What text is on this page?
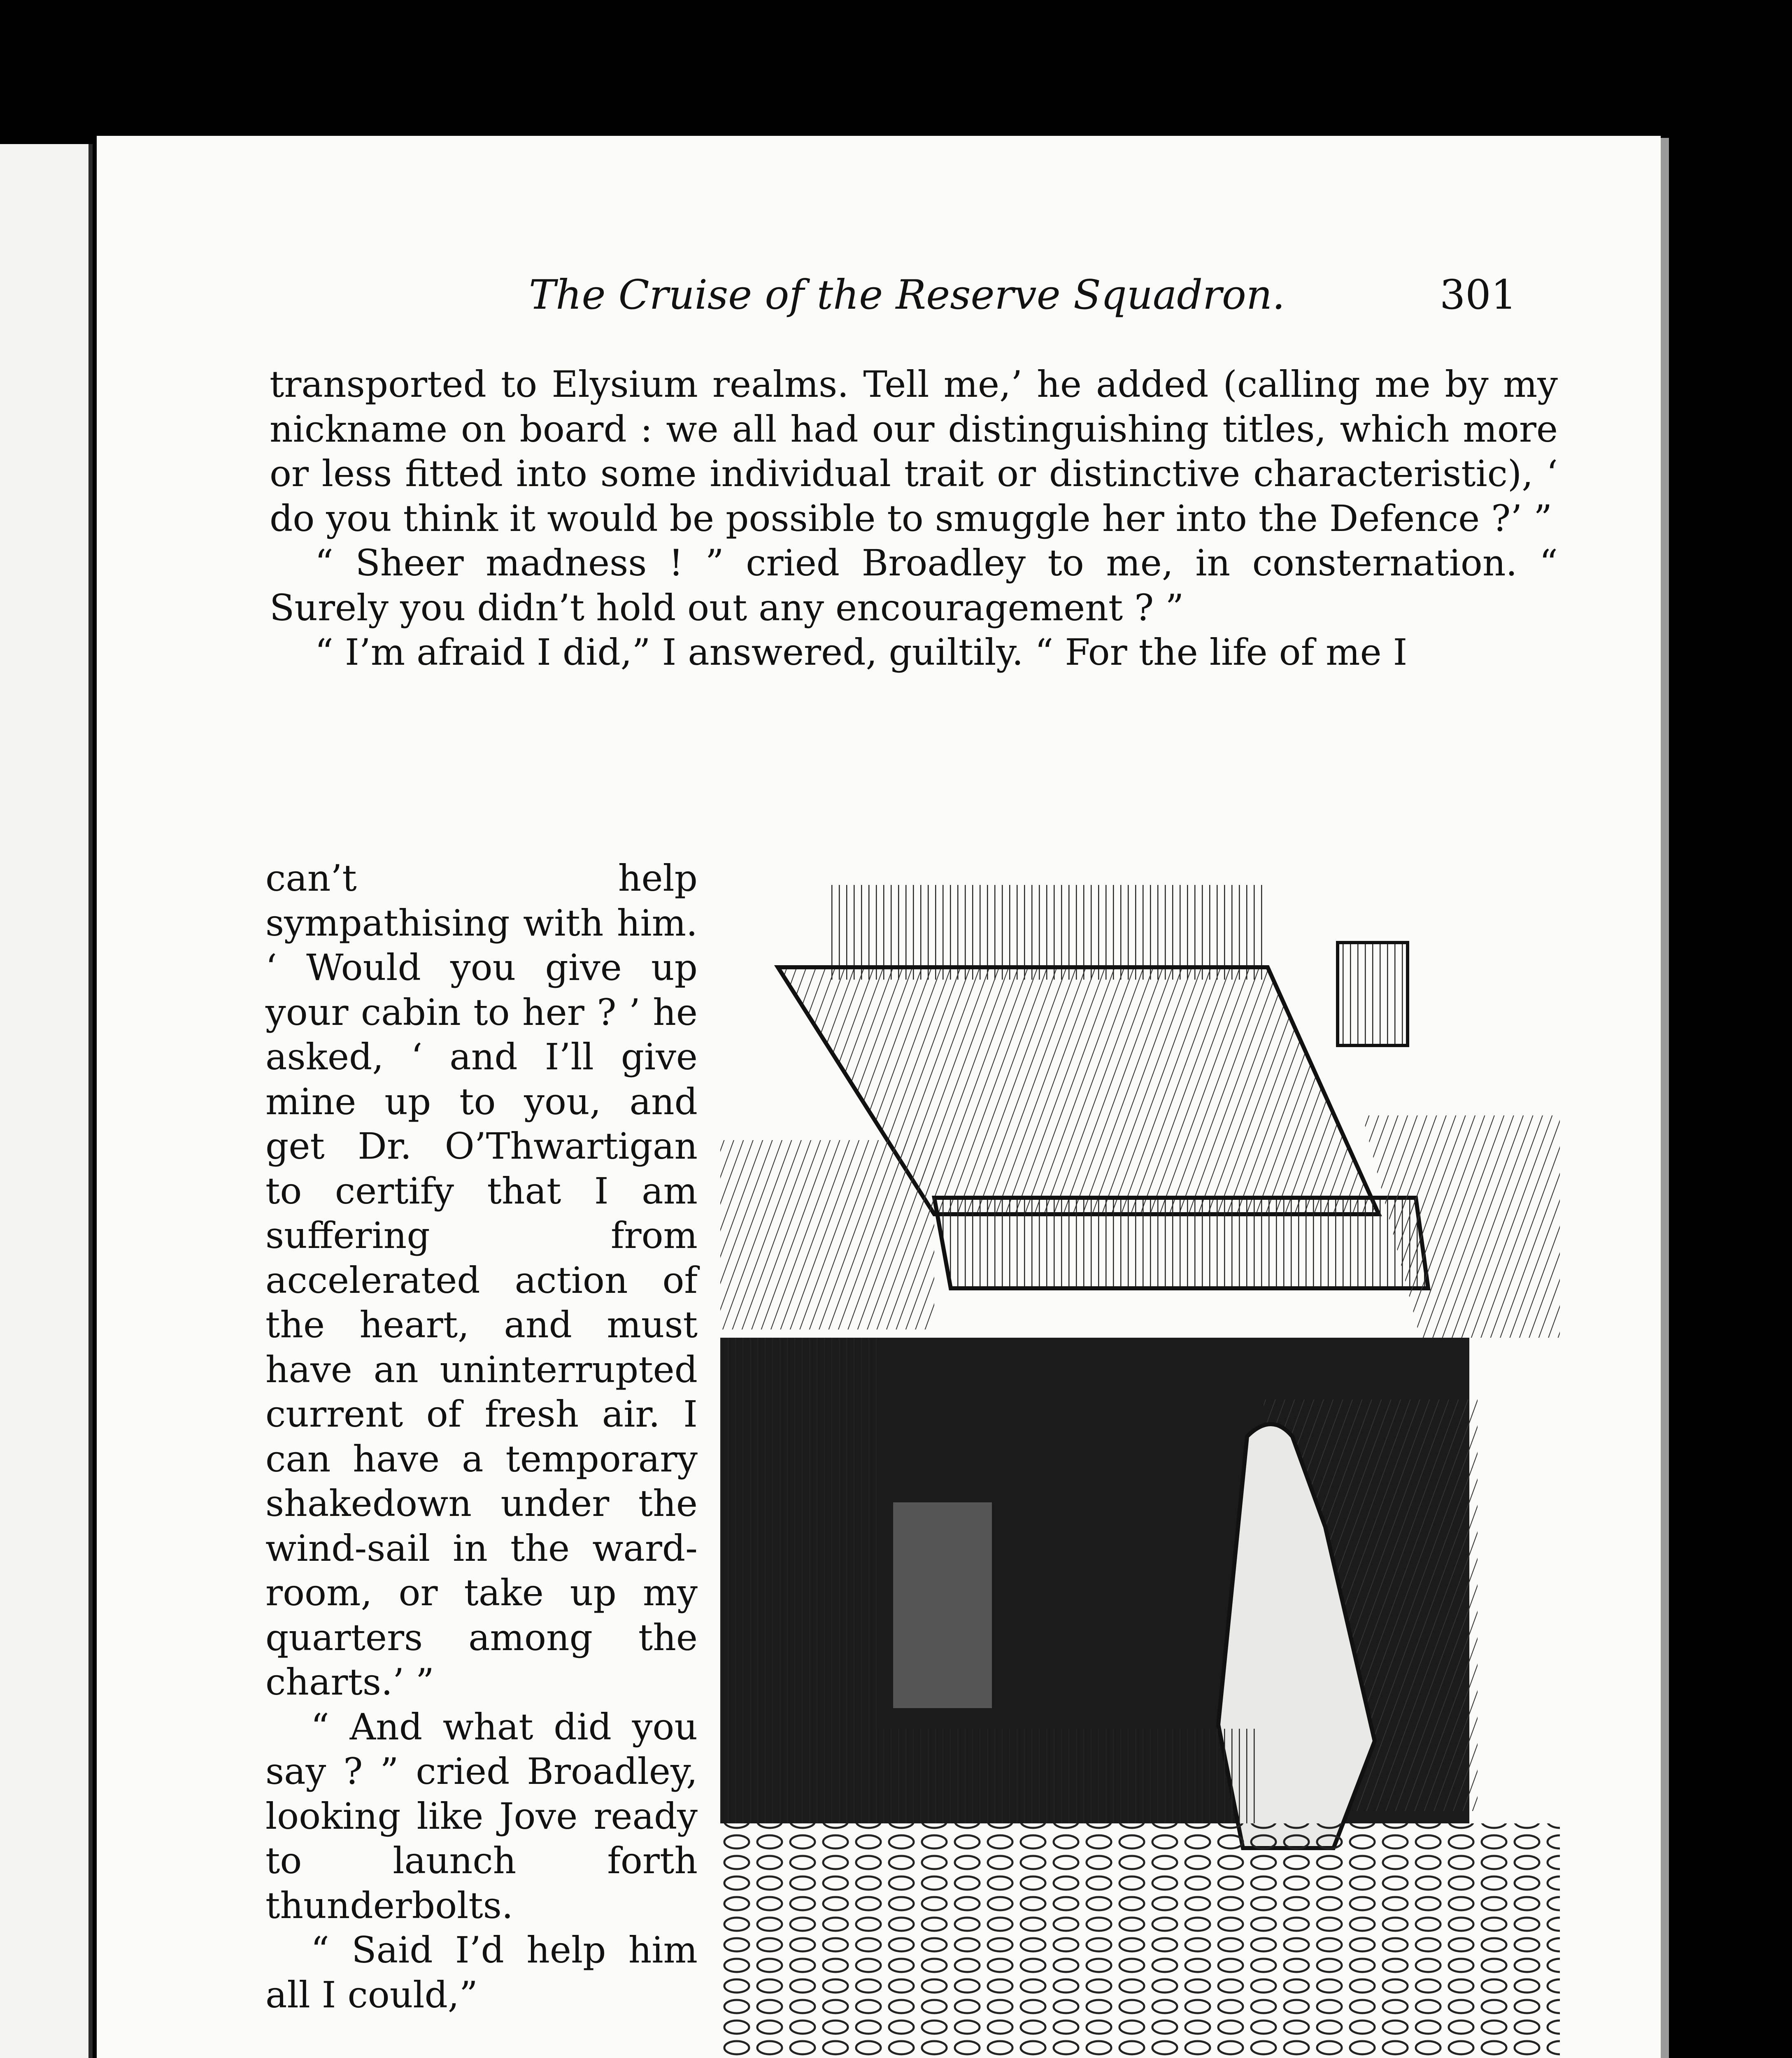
The Cruise of the Reserve Squadron.	301

transported to Elysium realms. Tell me,’ he added (calling me by my nickname on board : we all had our distinguishing titles, which more or less fitted into some individual trait or distinctive characteristic), ‘ do you think it would be possible to smuggle her into the Defence ?’ ”

“ Sheer madness ! ” cried Broadley to me, in consternation. “ Surely you didn’t hold out any encouragement ? ”

“ I’m afraid I did,” I answered, guiltily. “ For the life of me I

can’t help sympathising with him. ‘ Would you give up your cabin to her ? ’ he asked, ‘ and I’ll give mine up to you, and get Dr. O’Thwartigan to certify that I am suffering from accelerated action of the heart, and must have an uninterrupted current of fresh air. I can have a temporary shakedown under the wind-sail in the ward-room, or take up my quarters among the charts.’ ”

“ And what did you say ? ” cried Broadley, looking like Jove ready to launch forth thunderbolts.

“ Said I’d help him all I could,”
